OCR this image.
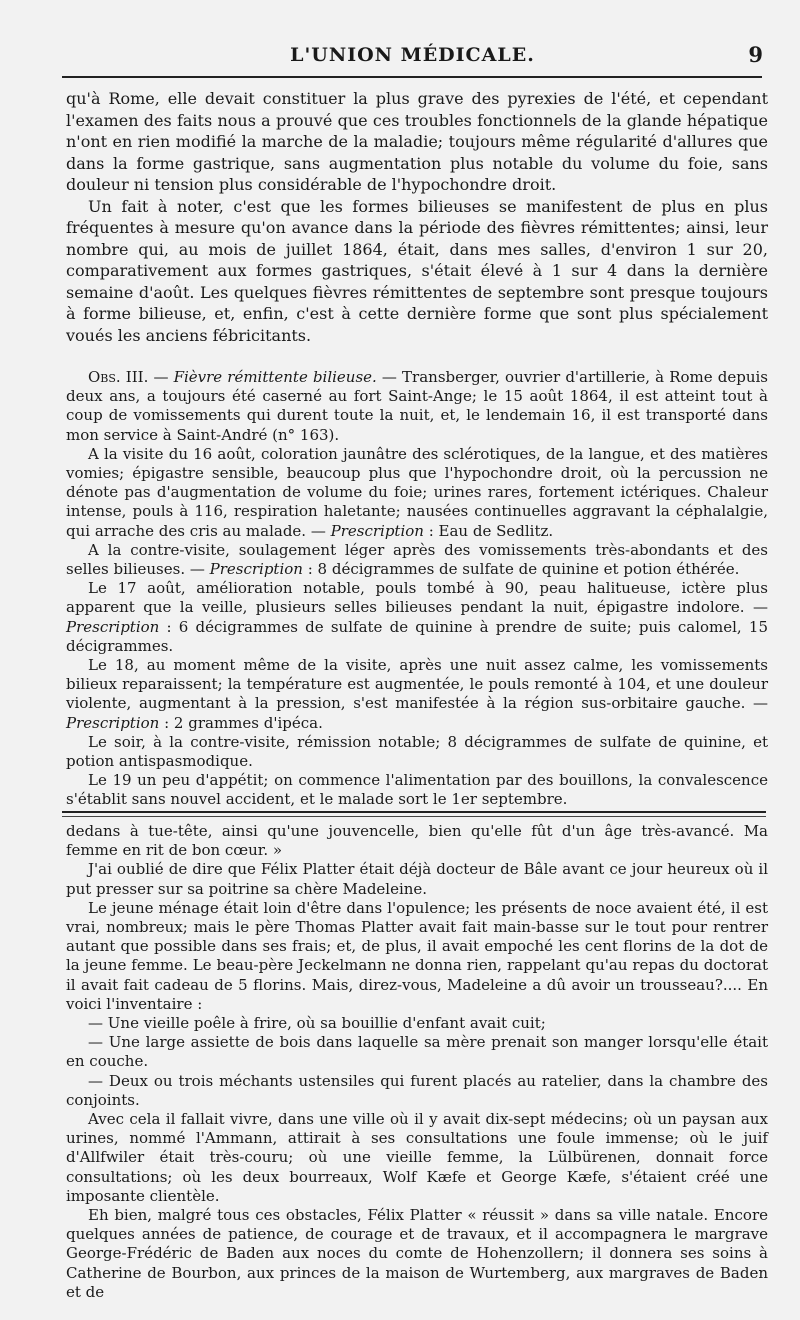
L'UNION MÉDICALE.	9

qu'à Rome, elle devait constituer la plus grave des pyrexies de l'été, et cependant l'examen des faits nous a prouvé que ces troubles fonctionnels de la glande hépatique n'ont en rien modifié la marche de la maladie; toujours même régularité d'allures que dans la forme gastrique, sans augmentation plus notable du volume du foie, sans douleur ni tension plus considérable de l'hypochondre droit.

Un fait à noter, c'est que les formes bilieuses se manifestent de plus en plus fréquentes à mesure qu'on avance dans la période des fièvres rémittentes; ainsi, leur nombre qui, au mois de juillet 1864, était, dans mes salles, d'environ 1 sur 20, comparativement aux formes gastriques, s'était élevé à 1 sur 4 dans la dernière semaine d'août. Les quelques fièvres rémittentes de septembre sont presque toujours à forme bilieuse, et, enfin, c'est à cette dernière forme que sont plus spécialement voués les anciens fébricitants.

Obs. III. — Fièvre rémittente bilieuse. — Transberger, ouvrier d'artillerie, à Rome depuis deux ans, a toujours été caserné au fort Saint-Ange; le 15 août 1864, il est atteint tout à coup de vomissements qui durent toute la nuit, et, le lendemain 16, il est transporté dans mon service à Saint-André (n° 163).

A la visite du 16 août, coloration jaunâtre des sclérotiques, de la langue, et des matières vomies; épigastre sensible, beaucoup plus que l'hypochondre droit, où la percussion ne dénote pas d'augmentation de volume du foie; urines rares, fortement ictériques. Chaleur intense, pouls à 116, respiration haletante; nausées continuelles aggravant la céphalalgie, qui arrache des cris au malade. — Prescription : Eau de Sedlitz.

A la contre-visite, soulagement léger après des vomissements très-abondants et des selles bilieuses. — Prescription : 8 décigrammes de sulfate de quinine et potion éthérée.

Le 17 août, amélioration notable, pouls tombé à 90, peau halitueuse, ictère plus apparent que la veille, plusieurs selles bilieuses pendant la nuit, épigastre indolore. — Prescription : 6 décigrammes de sulfate de quinine à prendre de suite; puis calomel, 15 décigrammes.

Le 18, au moment même de la visite, après une nuit assez calme, les vomissements bilieux reparaissent; la température est augmentée, le pouls remonté à 104, et une douleur violente, augmentant à la pression, s'est manifestée à la région sus-orbitaire gauche. — Prescription : 2 grammes d'ipéca.

Le soir, à la contre-visite, rémission notable; 8 décigrammes de sulfate de quinine, et potion antispasmodique.

Le 19 un peu d'appétit; on commence l'alimentation par des bouillons, la convalescence s'établit sans nouvel accident, et le malade sort le 1er septembre.

dedans à tue-tête, ainsi qu'une jouvencelle, bien qu'elle fût d'un âge très-avancé. Ma femme en rit de bon cœur. »

J'ai oublié de dire que Félix Platter était déjà docteur de Bâle avant ce jour heureux où il put presser sur sa poitrine sa chère Madeleine.

Le jeune ménage était loin d'être dans l'opulence; les présents de noce avaient été, il est vrai, nombreux; mais le père Thomas Platter avait fait main-basse sur le tout pour rentrer autant que possible dans ses frais; et, de plus, il avait empoché les cent florins de la dot de la jeune femme. Le beau-père Jeckelmann ne donna rien, rappelant qu'au repas du doctorat il avait fait cadeau de 5 florins. Mais, direz-vous, Madeleine a dû avoir un trousseau?.... En voici l'inventaire :

— Une vieille poêle à frire, où sa bouillie d'enfant avait cuit;

— Une large assiette de bois dans laquelle sa mère prenait son manger lorsqu'elle était en couche.

— Deux ou trois méchants ustensiles qui furent placés au ratelier, dans la chambre des conjoints.

Avec cela il fallait vivre, dans une ville où il y avait dix-sept médecins; où un paysan aux urines, nommé l'Ammann, attirait à ses consultations une foule immense; où le juif d'Allfwiler était très-couru; où une vieille femme, la Lülbürenen, donnait force consultations; où les deux bourreaux, Wolf Kæfe et George Kæfe, s'étaient créé une imposante clientèle.

Eh bien, malgré tous ces obstacles, Félix Platter « réussit » dans sa ville natale. Encore quelques années de patience, de courage et de travaux, et il accompagnera le margrave George-Frédéric de Baden aux noces du comte de Hohenzollern; il donnera ses soins à Catherine de Bourbon, aux princes de la maison de Wurtemberg, aux margraves de Baden et de
